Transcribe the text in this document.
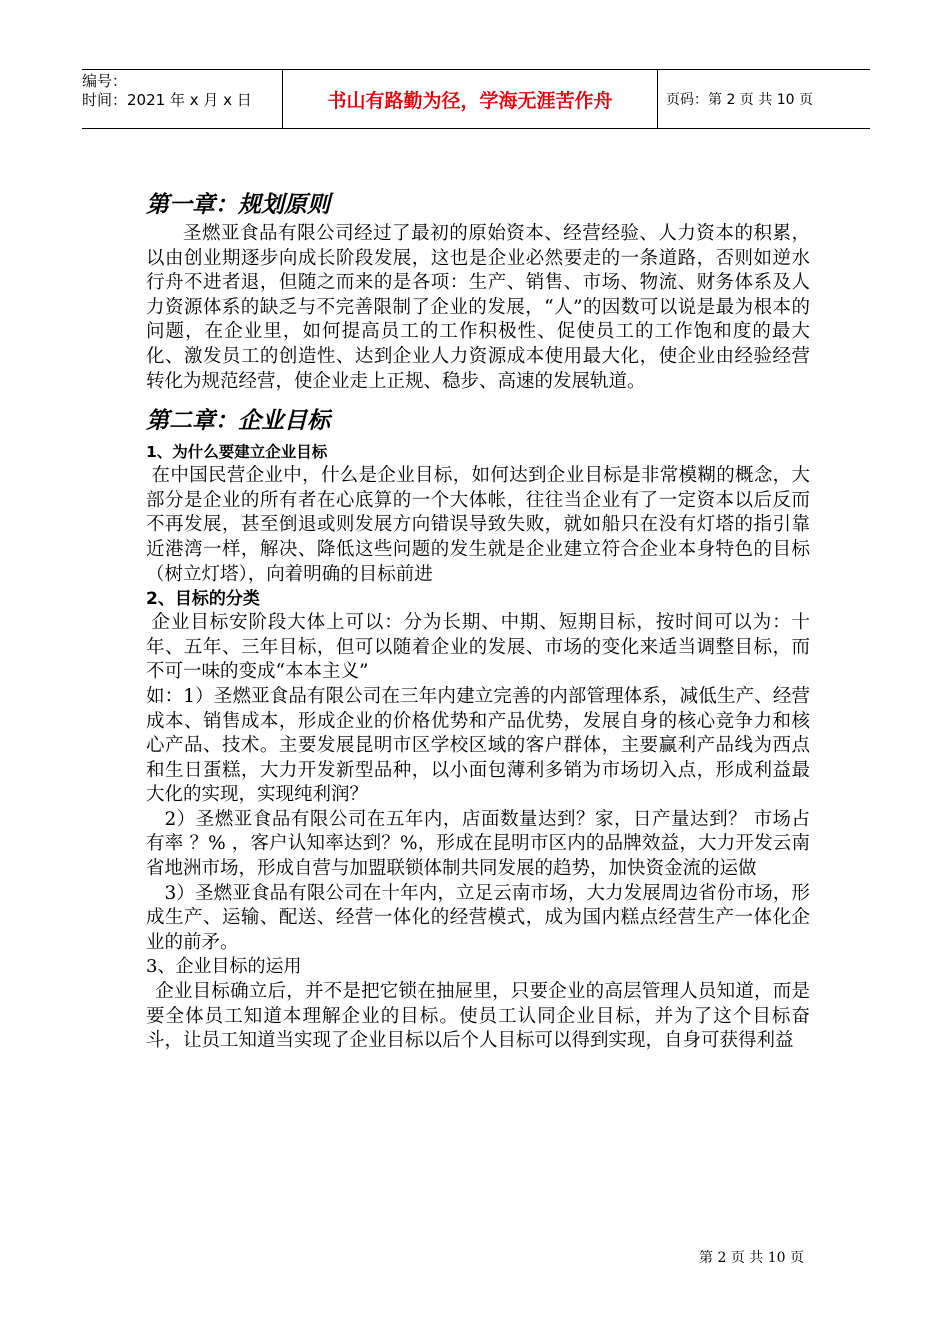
编号：
时间：2021 年 x 月 x 日	书山有路勤为径，学海无涯苦作舟	页码：第 2 页 共 10 页
第一章：规划原则

圣燃亚食品有限公司经过了最初的原始资本、经营经验、人力资本的积累，以由创业期逐步向成长阶段发展，这也是企业必然要走的一条道路，否则如逆水行舟不进者退，但随之而来的是各项：生产、销售、市场、物流、财务体系及人力资源体系的缺乏与不完善限制了企业的发展，“人”的因数可以说是最为根本的问题，在企业里，如何提高员工的工作积极性、促使员工的工作饱和度的最大化、激发员工的创造性、达到企业人力资源成本使用最大化，使企业由经验经营转化为规范经营，使企业走上正规、稳步、高速的发展轨道。

第二章：企业目标
1、为什么要建立企业目标

在中国民营企业中，什么是企业目标，如何达到企业目标是非常模糊的概念，大部分是企业的所有者在心底算的一个大体帐，往往当企业有了一定资本以后反而不再发展，甚至倒退或则发展方向错误导致失败，就如船只在没有灯塔的指引靠近港湾一样，解决、降低这些问题的发生就是企业建立符合企业本身特色的目标（树立灯塔），向着明确的目标前进

2、目标的分类

企业目标安阶段大体上可以：分为长期、中期、短期目标，按时间可以为：十年、五年、三年目标，但可以随着企业的发展、市场的变化来适当调整目标，而不可一味的变成“本本主义”

如：1）圣燃亚食品有限公司在三年内建立完善的内部管理体系，减低生产、经营成本、销售成本，形成企业的价格优势和产品优势，发展自身的核心竞争力和核心产品、技术。主要发展昆明市区学校区域的客户群体，主要赢利产品线为西点和生日蛋糕，大力开发新型品种，以小面包薄利多销为市场切入点，形成利益最大化的实现，实现纯利润？

2）圣燃亚食品有限公司在五年内，店面数量达到？家，日产量达到？ 市场占有率 ？% ，客户认知率达到？%，形成在昆明市区内的品牌效益，大力开发云南省地洲市场，形成自营与加盟联锁体制共同发展的趋势，加快资金流的运做

3）圣燃亚食品有限公司在十年内，立足云南市场，大力发展周边省份市场，形成生产、运输、配送、经营一体化的经营模式，成为国内糕点经营生产一体化企业的前矛。

3、企业目标的运用

企业目标确立后，并不是把它锁在抽屉里，只要企业的高层管理人员知道，而是要全体员工知道本理解企业的目标。使员工认同企业目标，并为了这个目标奋斗，让员工知道当实现了企业目标以后个人目标可以得到实现，自身可获得利益

第 2 页 共 10 页
